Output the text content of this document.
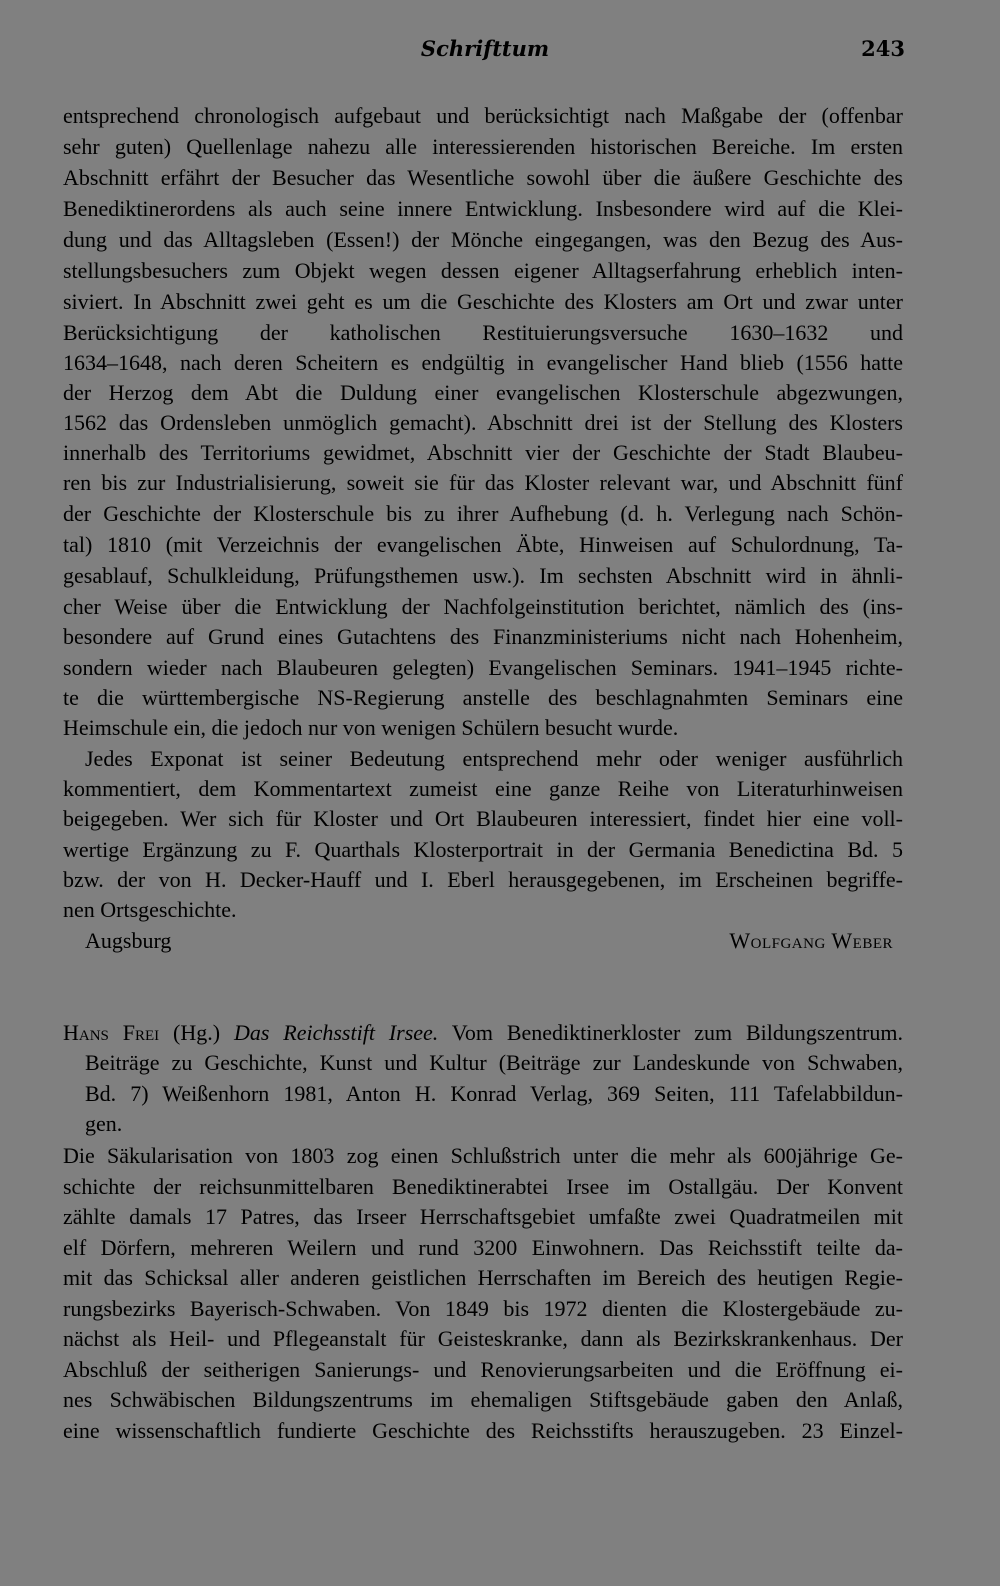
Schrifttum	243
entsprechend chronologisch aufgebaut und berücksichtigt nach Maßgabe der (offenbar
sehr guten) Quellenlage nahezu alle interessierenden historischen Bereiche. Im ersten
Abschnitt erfährt der Besucher das Wesentliche sowohl über die äußere Geschichte des
Benediktinerordens als auch seine innere Entwicklung. Insbesondere wird auf die Klei-
dung und das Alltagsleben (Essen!) der Mönche eingegangen, was den Bezug des Aus-
stellungsbesuchers zum Objekt wegen dessen eigener Alltagserfahrung erheblich inten-
siviert. In Abschnitt zwei geht es um die Geschichte des Klosters am Ort und zwar unter
Berücksichtigung der katholischen Restituierungsversuche 1630–1632 und
1634–1648, nach deren Scheitern es endgültig in evangelischer Hand blieb (1556 hatte
der Herzog dem Abt die Duldung einer evangelischen Klosterschule abgezwungen,
1562 das Ordensleben unmöglich gemacht). Abschnitt drei ist der Stellung des Klosters
innerhalb des Territoriums gewidmet, Abschnitt vier der Geschichte der Stadt Blaubeu-
ren bis zur Industrialisierung, soweit sie für das Kloster relevant war, und Abschnitt fünf
der Geschichte der Klosterschule bis zu ihrer Aufhebung (d. h. Verlegung nach Schön-
tal) 1810 (mit Verzeichnis der evangelischen Äbte, Hinweisen auf Schulordnung, Ta-
gesablauf, Schulkleidung, Prüfungsthemen usw.). Im sechsten Abschnitt wird in ähnli-
cher Weise über die Entwicklung der Nachfolgeinstitution berichtet, nämlich des (ins-
besondere auf Grund eines Gutachtens des Finanzministeriums nicht nach Hohenheim,
sondern wieder nach Blaubeuren gelegten) Evangelischen Seminars. 1941–1945 richte-
te die württembergische NS-Regierung anstelle des beschlagnahmten Seminars eine
Heimschule ein, die jedoch nur von wenigen Schülern besucht wurde.
Jedes Exponat ist seiner Bedeutung entsprechend mehr oder weniger ausführlich
kommentiert, dem Kommentartext zumeist eine ganze Reihe von Literaturhinweisen
beigegeben. Wer sich für Kloster und Ort Blaubeuren interessiert, findet hier eine voll-
wertige Ergänzung zu F. Quarthals Klosterportrait in der Germania Benedictina Bd. 5
bzw. der von H. Decker-Hauff und I. Eberl herausgegebenen, im Erscheinen begriffe-
nen Ortsgeschichte.
Augsburg	Wolfgang Weber
Hans Frei (Hg.) Das Reichsstift Irsee. Vom Benediktinerkloster zum Bildungszentrum.
Beiträge zu Geschichte, Kunst und Kultur (Beiträge zur Landeskunde von Schwaben,
Bd. 7) Weißenhorn 1981, Anton H. Konrad Verlag, 369 Seiten, 111 Tafelabbildun-
gen.
Die Säkularisation von 1803 zog einen Schlußstrich unter die mehr als 600jährige Ge-
schichte der reichsunmittelbaren Benediktinerabtei Irsee im Ostallgäu. Der Konvent
zählte damals 17 Patres, das Irseer Herrschaftsgebiet umfaßte zwei Quadratmeilen mit
elf Dörfern, mehreren Weilern und rund 3200 Einwohnern. Das Reichsstift teilte da-
mit das Schicksal aller anderen geistlichen Herrschaften im Bereich des heutigen Regie-
rungsbezirks Bayerisch-Schwaben. Von 1849 bis 1972 dienten die Klostergebäude zu-
nächst als Heil- und Pflegeanstalt für Geisteskranke, dann als Bezirkskrankenhaus. Der
Abschluß der seitherigen Sanierungs- und Renovierungsarbeiten und die Eröffnung ei-
nes Schwäbischen Bildungszentrums im ehemaligen Stiftsgebäude gaben den Anlaß,
eine wissenschaftlich fundierte Geschichte des Reichsstifts herauszugeben. 23 Einzel-
